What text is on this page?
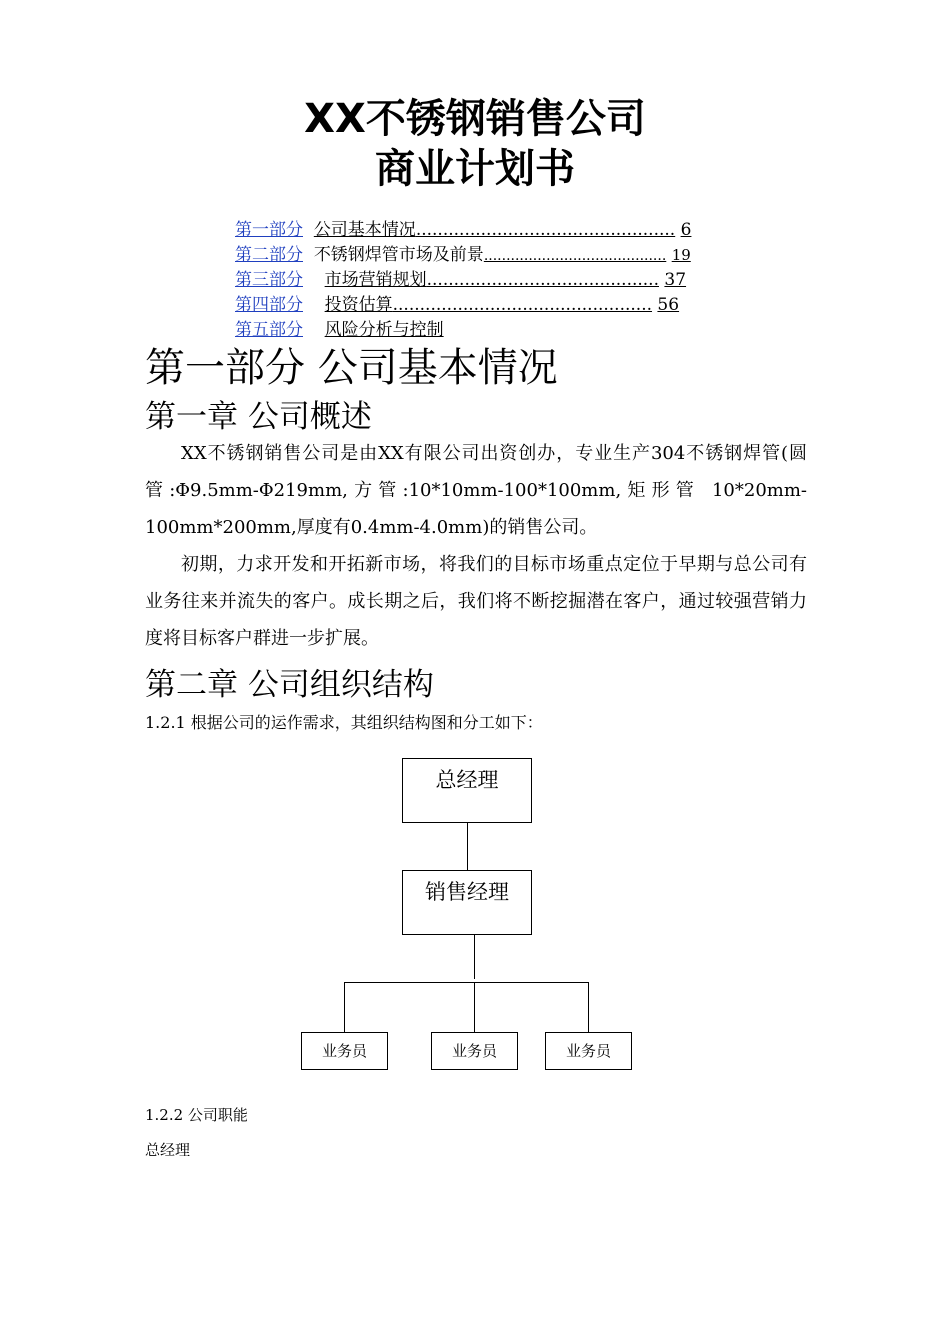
XX不锈钢销售公司
商业计划书
第一部分 公司基本情况................................................ 6
第二部分 不锈钢焊管市场及前景......................................... 19
第三部分 市场营销规划........................................... 37
第四部分 投资估算................................................ 56
第五部分 风险分析与控制
第一部分 公司基本情况
第一章 公司概述
XX不锈钢销售公司是由XX有限公司出资创办，专业生产304不锈钢焊管(圆管:Φ9.5mm-Φ219mm,方管:10*10mm-100*100mm,矩形管 10*20mm-100mm*200mm,厚度有0.4mm-4.0mm)的销售公司。
初期，力求开发和开拓新市场，将我们的目标市场重点定位于早期与总公司有业务往来并流失的客户。成长期之后，我们将不断挖掘潜在客户，通过较强营销力度将目标客户群进一步扩展。
第二章 公司组织结构
1.2.1 根据公司的运作需求，其组织结构图和分工如下：
总经理
销售经理
业务员	业务员	业务员
1.2.2 公司职能
总经理
